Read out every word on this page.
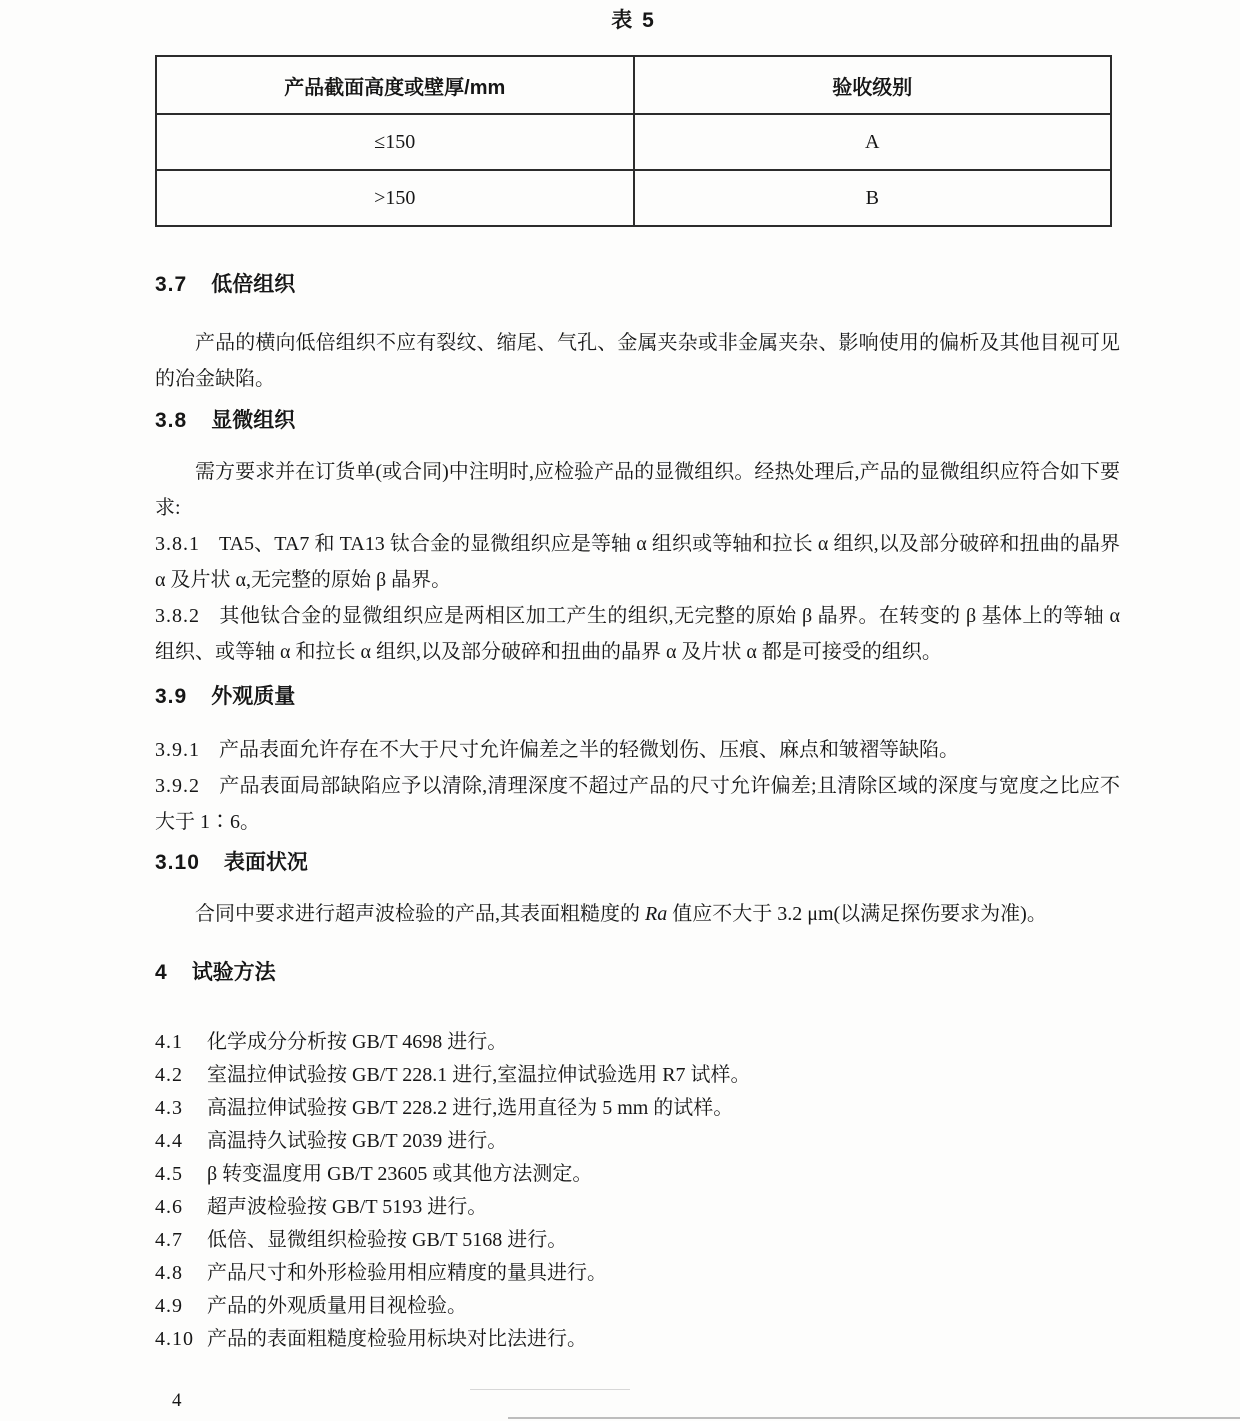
表 5
产品截面高度或壁厚/mm	验收级别
≤150	A
>150	B
3.7 低倍组织

产品的横向低倍组织不应有裂纹、缩尾、气孔、金属夹杂或非金属夹杂、影响使用的偏析及其他目视可见的冶金缺陷。

3.8 显微组织

需方要求并在订货单(或合同)中注明时,应检验产品的显微组织。经热处理后,产品的显微组织应符合如下要求:

3.8.1 TA5、TA7 和 TA13 钛合金的显微组织应是等轴 α 组织或等轴和拉长 α 组织,以及部分破碎和扭曲的晶界 α 及片状 α,无完整的原始 β 晶界。

3.8.2 其他钛合金的显微组织应是两相区加工产生的组织,无完整的原始 β 晶界。在转变的 β 基体上的等轴 α 组织、或等轴 α 和拉长 α 组织,以及部分破碎和扭曲的晶界 α 及片状 α 都是可接受的组织。

3.9 外观质量

3.9.1 产品表面允许存在不大于尺寸允许偏差之半的轻微划伤、压痕、麻点和皱褶等缺陷。

3.9.2 产品表面局部缺陷应予以清除,清理深度不超过产品的尺寸允许偏差;且清除区域的深度与宽度之比应不大于 1∶6。

3.10 表面状况

合同中要求进行超声波检验的产品,其表面粗糙度的 Ra 值应不大于 3.2 μm(以满足探伤要求为准)。

4 试验方法
4.1 化学成分分析按 GB/T 4698 进行。
4.2 室温拉伸试验按 GB/T 228.1 进行,室温拉伸试验选用 R7 试样。
4.3 高温拉伸试验按 GB/T 228.2 进行,选用直径为 5 mm 的试样。
4.4 高温持久试验按 GB/T 2039 进行。
4.5 β 转变温度用 GB/T 23605 或其他方法测定。
4.6 超声波检验按 GB/T 5193 进行。
4.7 低倍、显微组织检验按 GB/T 5168 进行。
4.8 产品尺寸和外形检验用相应精度的量具进行。
4.9 产品的外观质量用目视检验。
4.10 产品的表面粗糙度检验用标块对比法进行。
4
